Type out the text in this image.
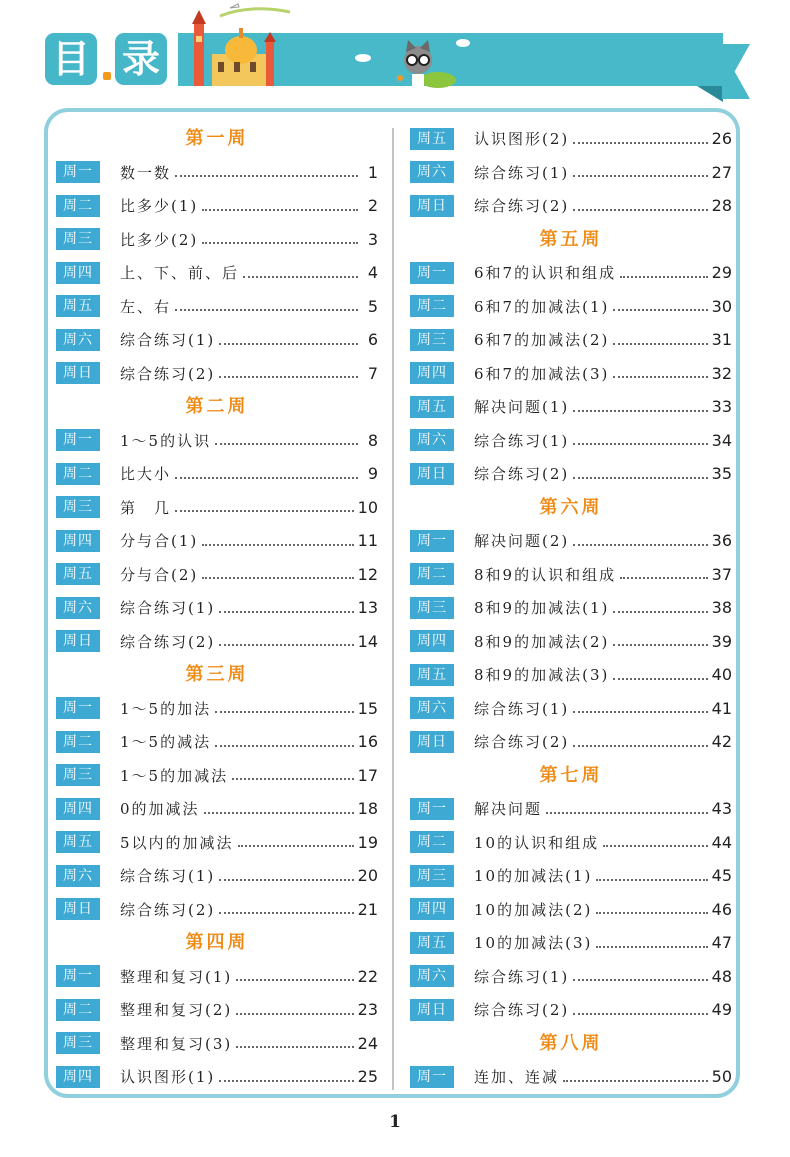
目 录
第一周
周一	数一数	1
周二	比多少(1)	2
周三	比多少(2)	3
周四	上、下、前、后	4
周五	左、右	5
周六	综合练习(1)	6
周日	综合练习(2)	7
第二周
周一	1～5的认识	8
周二	比大小	9
周三	第　几	10
周四	分与合(1)	11
周五	分与合(2)	12
周六	综合练习(1)	13
周日	综合练习(2)	14
第三周
周一	1～5的加法	15
周二	1～5的减法	16
周三	1～5的加减法	17
周四	0的加减法	18
周五	5以内的加减法	19
周六	综合练习(1)	20
周日	综合练习(2)	21
第四周
周一	整理和复习(1)	22
周二	整理和复习(2)	23
周三	整理和复习(3)	24
周四	认识图形(1)	25
周五	认识图形(2)	26
周六	综合练习(1)	27
周日	综合练习(2)	28
第五周
周一	6和7的认识和组成	29
周二	6和7的加减法(1)	30
周三	6和7的加减法(2)	31
周四	6和7的加减法(3)	32
周五	解决问题(1)	33
周六	综合练习(1)	34
周日	综合练习(2)	35
第六周
周一	解决问题(2)	36
周二	8和9的认识和组成	37
周三	8和9的加减法(1)	38
周四	8和9的加减法(2)	39
周五	8和9的加减法(3)	40
周六	综合练习(1)	41
周日	综合练习(2)	42
第七周
周一	解决问题	43
周二	10的认识和组成	44
周三	10的加减法(1)	45
周四	10的加减法(2)	46
周五	10的加减法(3)	47
周六	综合练习(1)	48
周日	综合练习(2)	49
第八周
周一	连加、连减	50
1
